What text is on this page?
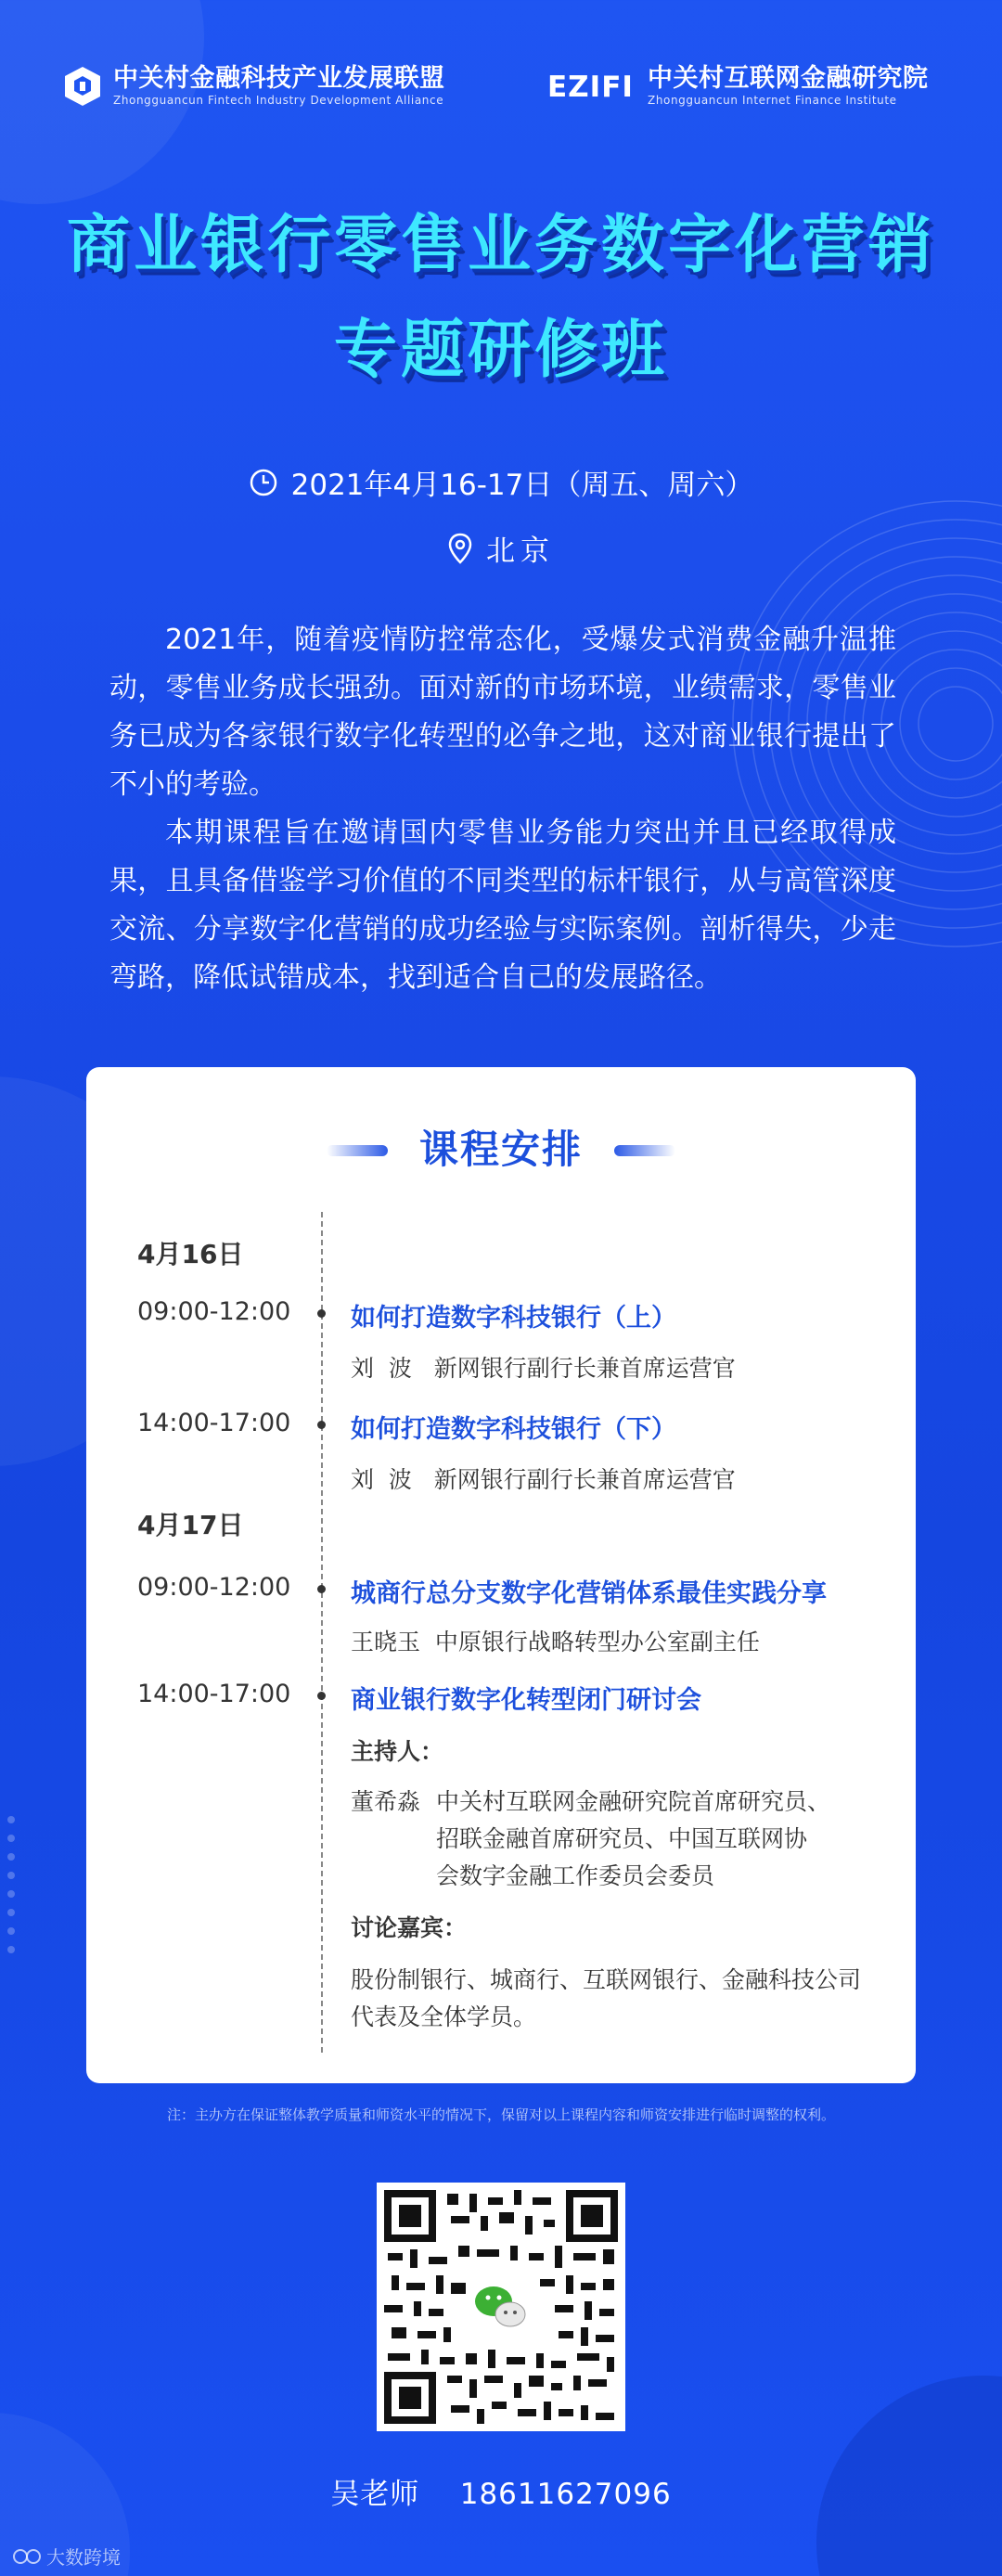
中关村金融科技产业发展联盟
Zhongguancun Fintech Industry Development Alliance	EZIFI 中关村互联网金融研究院
Zhongguancun Internet Finance Institute
商业银行零售业务数字化营销
专题研修班
2021年4月16-17日（周五、周六）
北京

2021年，随着疫情防控常态化，受爆发式消费金融升温推动，零售业务成长强劲。面对新的市场环境，业绩需求，零售业务已成为各家银行数字化转型的必争之地，这对商业银行提出了不小的考验。

本期课程旨在邀请国内零售业务能力突出并且已经取得成果，且具备借鉴学习价值的不同类型的标杆银行，从与高管深度交流、分享数字化营销的成功经验与实际案例。剖析得失，少走弯路，降低试错成本，找到适合自己的发展路径。

课程安排
4月16日
09:00-12:00 如何打造数字科技银行（上）
刘  波   新网银行副行长兼首席运营官
14:00-17:00 如何打造数字科技银行（下）
刘  波   新网银行副行长兼首席运营官
4月17日
09:00-12:00 城商行总分支数字化营销体系最佳实践分享
王晓玉  中原银行战略转型办公室副主任
14:00-17:00 商业银行数字化转型闭门研讨会
主持人：
董希淼 中关村互联网金融研究院首席研究员、
招联金融首席研究员、中国互联网协
会数字金融工作委员会委员
讨论嘉宾：
股份制银行、城商行、互联网银行、金融科技公司
代表及全体学员。
注：主办方在保证整体教学质量和师资水平的情况下，保留对以上课程内容和师资安排进行临时调整的权利。
吴老师    18611627096
大数跨境
